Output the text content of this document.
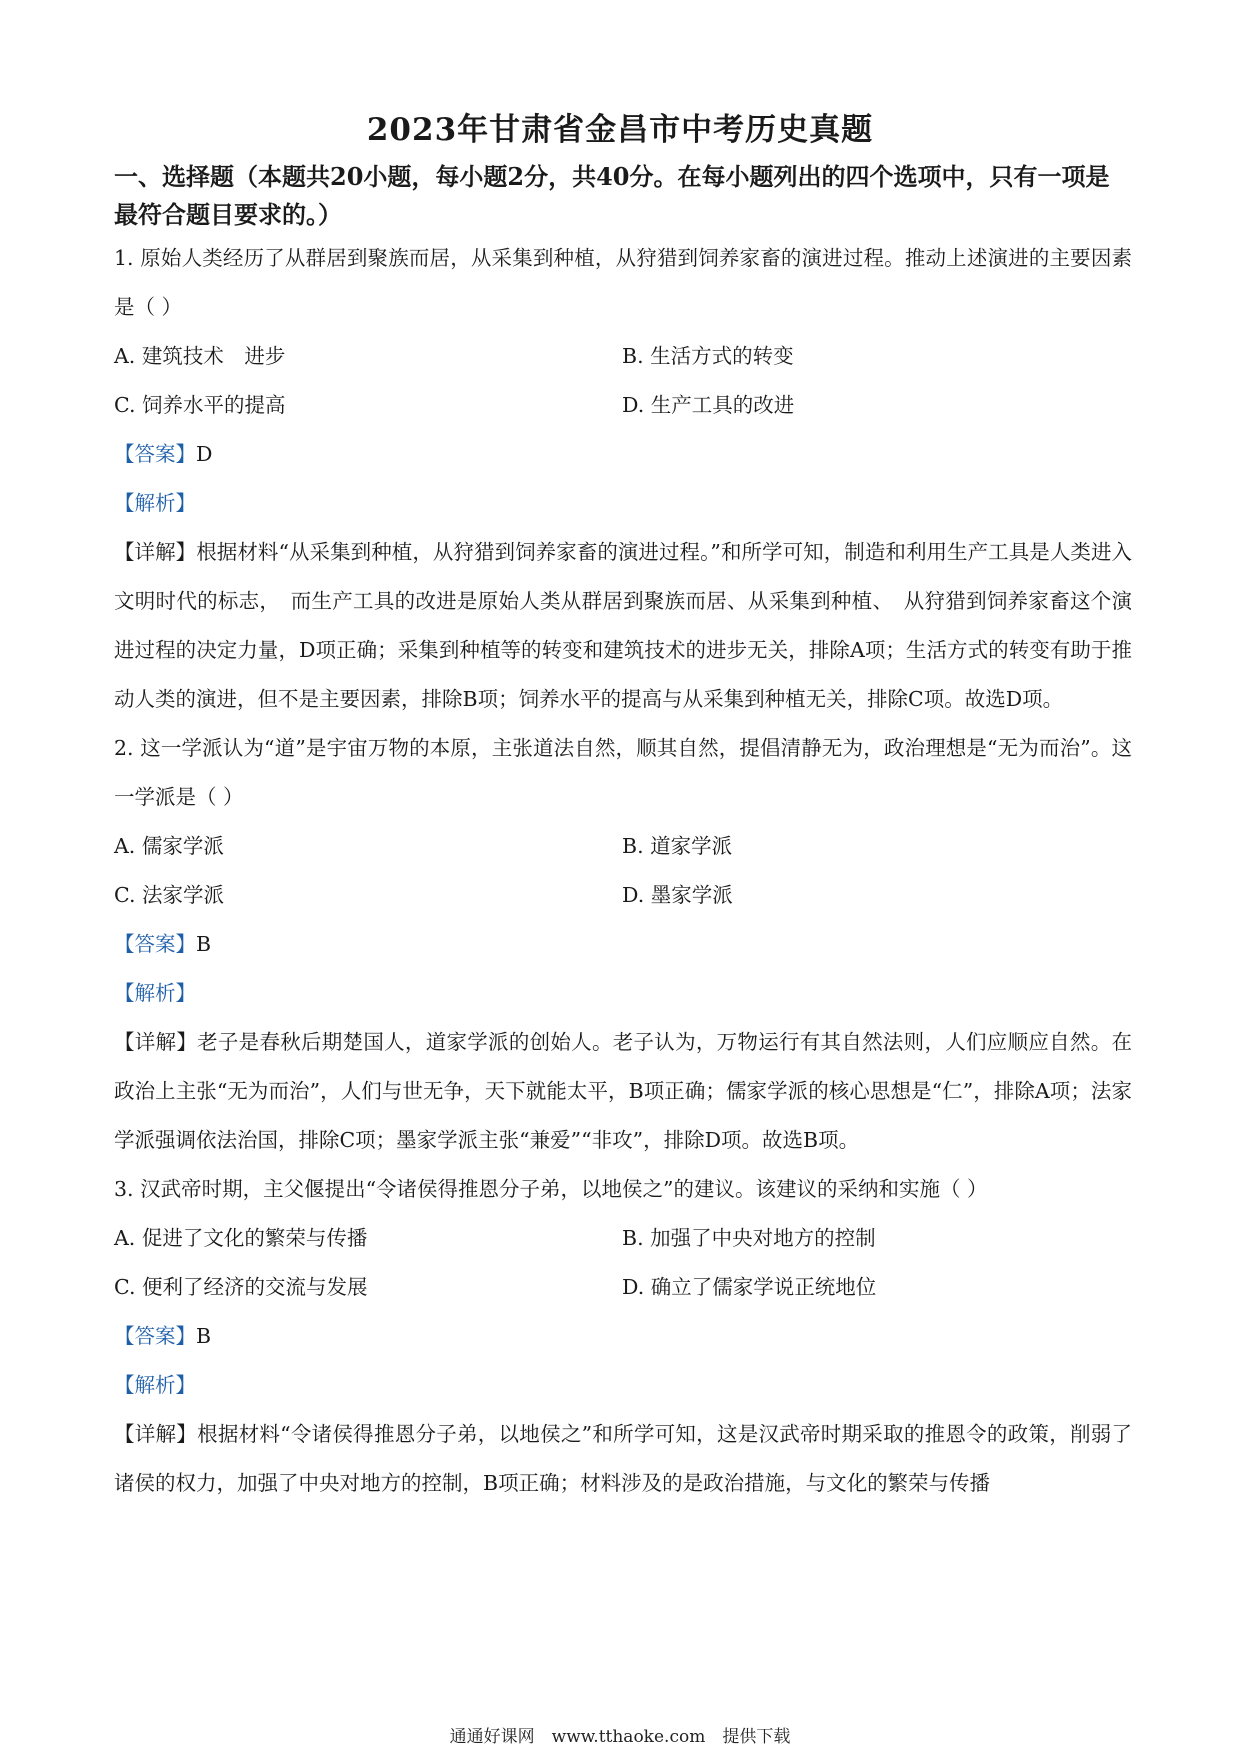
2023年甘肃省金昌市中考历史真题

一、选择题（本题共20小题，每小题2分，共40分。在每小题列出的四个选项中，只有一项是最符合题目要求的。）

1. 原始人类经历了从群居到聚族而居，从采集到种植，从狩猎到饲养家畜的演进过程。推动上述演进的主要因素是（ ）

A. 建筑技术　进步	B. 生活方式的转变
C. 饲养水平的提高	D. 生产工具的改进

【答案】D

【解析】

【详解】根据材料“从采集到种植，从狩猎到饲养家畜的演进过程。”和所学可知，制造和利用生产工具是人类进入文明时代的标志，　而生产工具的改进是原始人类从群居到聚族而居、从采集到种植、　从狩猎到饲养家畜这个演进过程的决定力量，D项正确；采集到种植等的转变和建筑技术的进步无关，排除A项；生活方式的转变有助于推动人类的演进，但不是主要因素，排除B项；饲养水平的提高与从采集到种植无关，排除C项。故选D项。

2. 这一学派认为“道”是宇宙万物的本原，主张道法自然，顺其自然，提倡清静无为，政治理想是“无为而治”。这一学派是（ ）

A. 儒家学派	B. 道家学派
C. 法家学派	D. 墨家学派

【答案】B

【解析】

【详解】老子是春秋后期楚国人，道家学派的创始人。老子认为，万物运行有其自然法则，人们应顺应自然。在政治上主张“无为而治”，人们与世无争，天下就能太平，B项正确；儒家学派的核心思想是“仁”，排除A项；法家学派强调依法治国，排除C项；墨家学派主张“兼爱”“非攻”，排除D项。故选B项。

3. 汉武帝时期，主父偃提出“令诸侯得推恩分子弟，以地侯之”的建议。该建议的采纳和实施（ ）

A. 促进了文化的繁荣与传播	B. 加强了中央对地方的控制
C. 便利了经济的交流与发展	D. 确立了儒家学说正统地位

【答案】B

【解析】

【详解】根据材料“令诸侯得推恩分子弟，以地侯之”和所学可知，这是汉武帝时期采取的推恩令的政策，削弱了诸侯的权力，加强了中央对地方的控制，B项正确；材料涉及的是政治措施，与文化的繁荣与传播

通通好课网　www.tthaoke.com　提供下载
